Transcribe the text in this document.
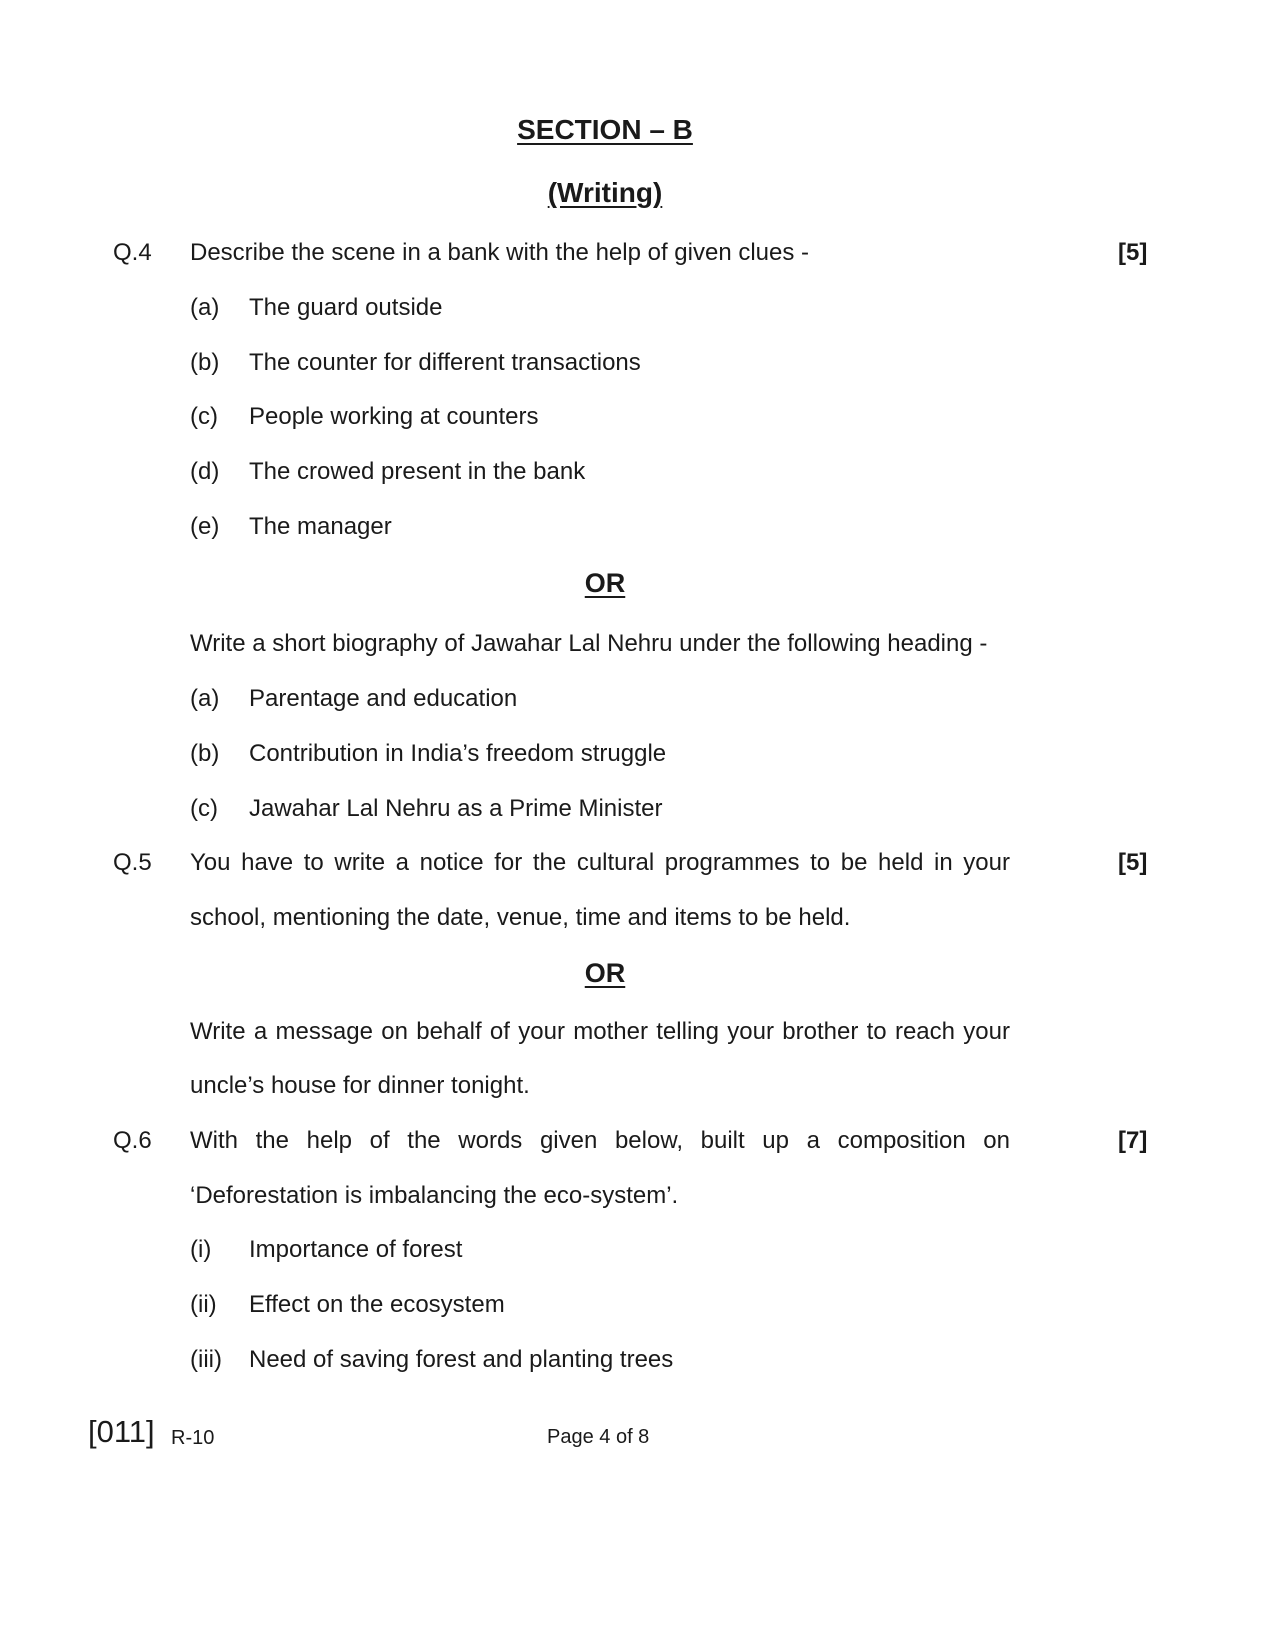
SECTION – B
(Writing)
Q.4 Describe the scene in a bank with the help of given clues -	[5]
(a) The guard outside
(b) The counter for different transactions
(c) People working at counters
(d) The crowed present in the bank
(e) The manager
OR
Write a short biography of Jawahar Lal Nehru under the following heading -
(a) Parentage and education
(b) Contribution in India’s freedom struggle
(c) Jawahar Lal Nehru as a Prime Minister
Q.5 You have to write a notice for the cultural programmes to be held in your	[5]
school, mentioning the date, venue, time and items to be held.
OR
Write a message on behalf of your mother telling your brother to reach your
uncle’s house for dinner tonight.
Q.6 With the help of the words given below, built up a composition on	[7]
‘Deforestation is imbalancing the eco-system’.
(i) Importance of forest
(ii) Effect on the ecosystem
(iii) Need of saving forest and planting trees
[011] R-10	Page 4 of 8
